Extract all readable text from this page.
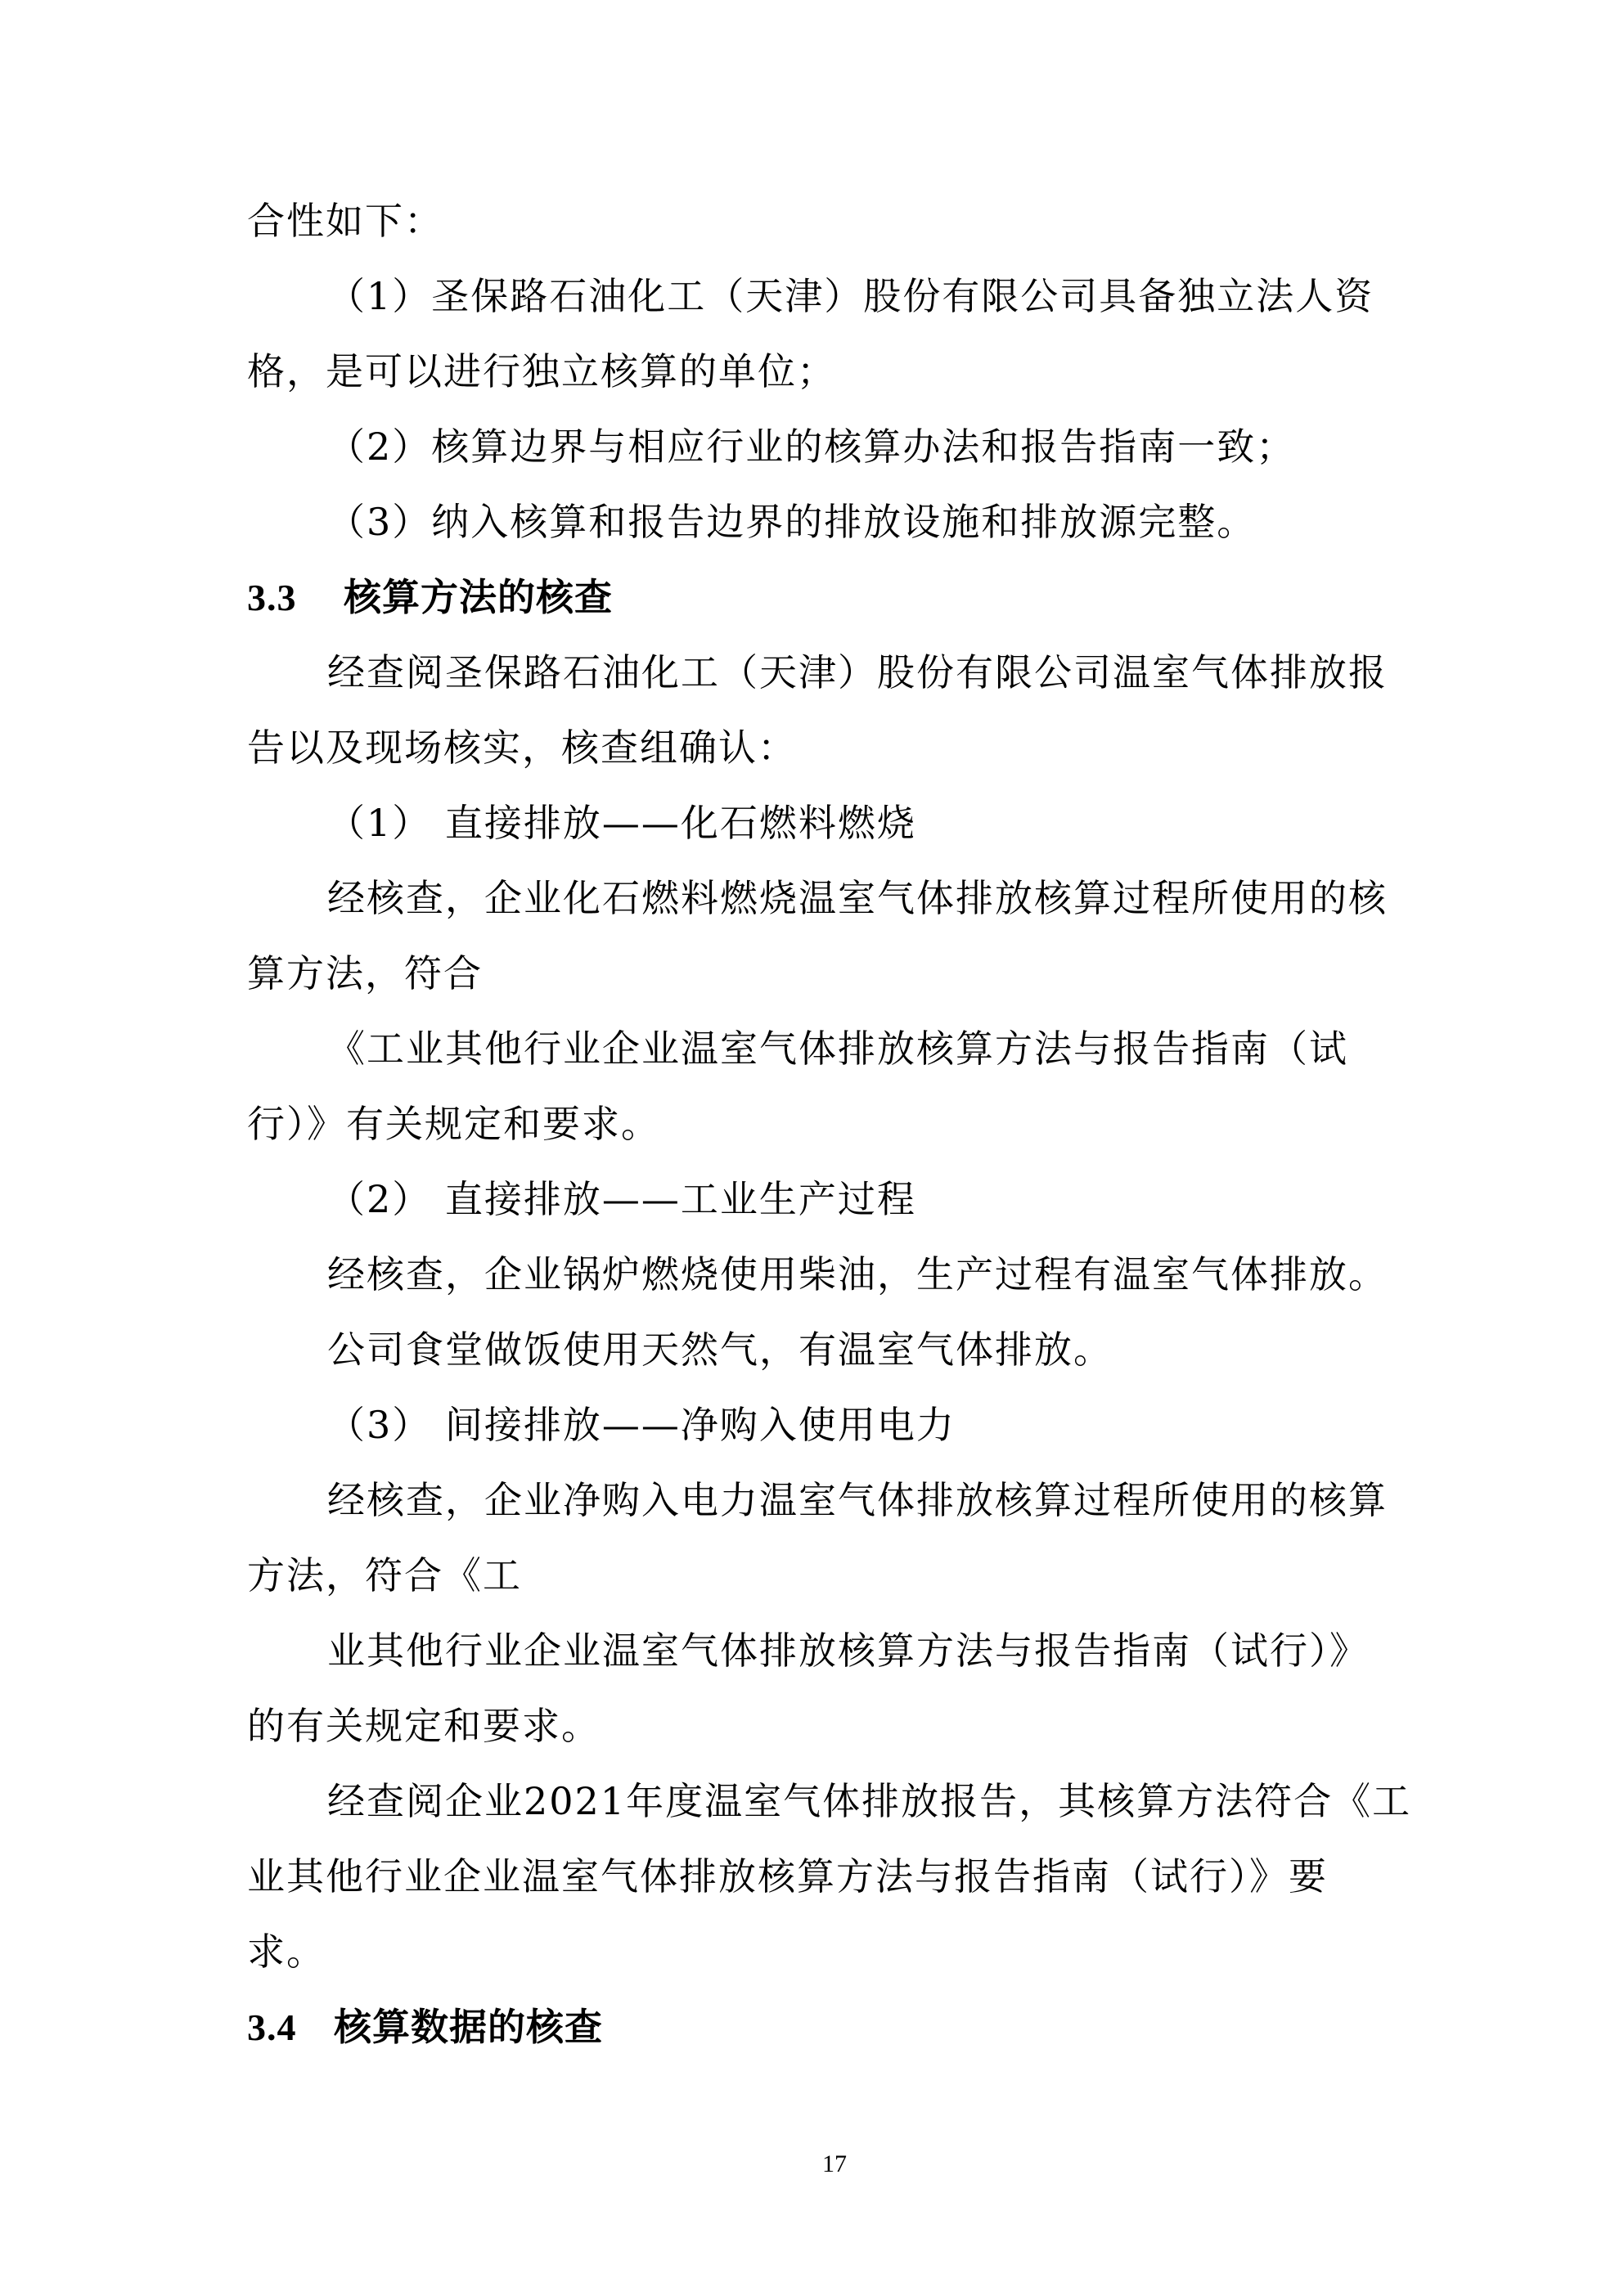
合性如下：
（1）圣保路石油化工（天津）股份有限公司具备独立法人资
格，是可以进行独立核算的单位；
（2）核算边界与相应行业的核算办法和报告指南一致；
（3）纳入核算和报告边界的排放设施和排放源完整。
3.3 核算方法的核查
经查阅圣保路石油化工（天津）股份有限公司温室气体排放报
告以及现场核实，核查组确认：
（1） 直接排放——化石燃料燃烧
经核查，企业化石燃料燃烧温室气体排放核算过程所使用的核
算方法，符合
《工业其他行业企业温室气体排放核算方法与报告指南（试
行）》有关规定和要求。
（2） 直接排放——工业生产过程
经核查，企业锅炉燃烧使用柴油，生产过程有温室气体排放。
公司食堂做饭使用天然气，有温室气体排放。
（3） 间接排放——净购入使用电力
经核查，企业净购入电力温室气体排放核算过程所使用的核算
方法，符合《工
业其他行业企业温室气体排放核算方法与报告指南（试行）》
的有关规定和要求。
经查阅企业2021年度温室气体排放报告，其核算方法符合《工
业其他行业企业温室气体排放核算方法与报告指南（试行）》要
求。
3.4 核算数据的核查
17
